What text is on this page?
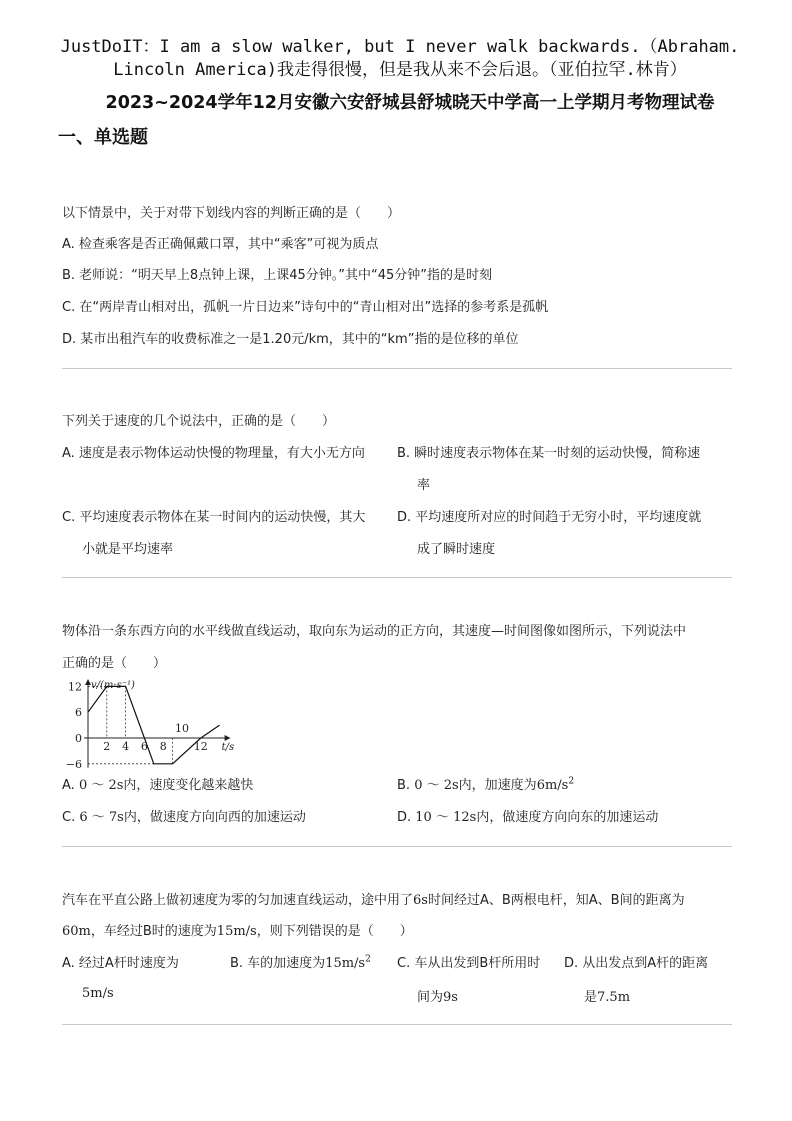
JustDoIT：I am a slow walker, but I never walk backwards.（Abraham.
Lincoln America)我走得很慢，但是我从来不会后退。（亚伯拉罕.林肯）
2023~2024学年12月安徽六安舒城县舒城晓天中学高一上学期月考物理试卷
一、单选题
以下情景中，关于对带下划线内容的判断正确的是（　　）
A. 检查乘客是否正确佩戴口罩，其中“乘客”可视为质点
B. 老师说：“明天早上8点钟上课，上课45分钟。”其中“45分钟”指的是时刻
C. 在“两岸青山相对出，孤帆一片日边来”诗句中的“青山相对出”选择的参考系是孤帆
D. 某市出租汽车的收费标准之一是1.20元/km，其中的“km”指的是位移的单位
下列关于速度的几个说法中，正确的是（　　）
A. 速度是表示物体运动快慢的物理量，有大小无方向 B. 瞬时速度表示物体在某一时刻的运动快慢，简称速
率
C. 平均速度表示物体在某一时间内的运动快慢，其大
小就是平均速率
D. 平均速度所对应的时间趋于无穷小时，平均速度就
成了瞬时速度
物体沿一条东西方向的水平线做直线运动，取向东为运动的正方向，其速度—时间图像如图所示，下列说法中
正确的是（　　）
12
6
0
−6
2 4 6 8
10
12
v/(m·s⁻¹)
t/s
A. 0 ～ 2s内，速度变化越来越快	B. 0 ～ 2s内，加速度为$6m/s^2$
C. 6 ～ 7s内，做速度方向向西的加速运动	D. 10 ～ 12s内，做速度方向向东的加速运动
汽车在平直公路上做初速度为零的匀加速直线运动，途中用了6s时间经过A、B两根电杆，知A、B间的距离为
60m，车经过B时的速度为15m/s，则下列错误的是（　　）
A. 经过A杆时速度为
5m/s
B. 车的加速度为$15m/s^2$ C. 车从出发到B杆所用时
间为9s
D. 从出发点到A杆的距离
是7.5m
